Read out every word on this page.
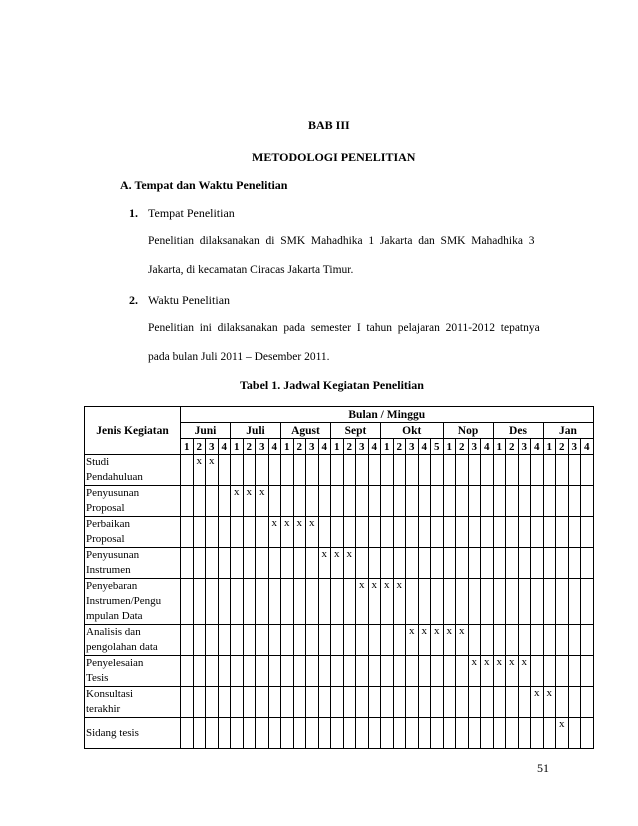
BAB III
METODOLOGI PENELITIAN
A. Tempat dan Waktu Penelitian
1. Tempat Penelitian
Penelitian  dilaksanakan  di  SMK  Mahadhika  1  Jakarta  dan  SMK  Mahadhika  3
Jakarta, di kecamatan Ciracas Jakarta Timur.
2. Waktu Penelitian
Penelitian  ini  dilaksanakan  pada  semester  I  tahun  pelajaran  2011-2012  tepatnya
pada bulan Juli 2011 – Desember 2011.
Tabel 1. Jadwal Kegiatan Penelitian
Jenis Kegiatan	Bulan / Minggu																																
	Juni				Juli				Agust				Sept				Okt					Nop				Des				Jan			
	1	2	3	4	1	2	3	4	1	2	3	4	1	2	3	4	1	2	3	4	5	1	2	3	4	1	2	3	4	1	2	3	4

Studi
Pendahuluan		x	x																														

Penyusunan
Proposal					x	x	x																										

Perbaikan
Proposal								x	x	x	x																						

Penyusunan
Instrumen												x	x	x																			

Penyebaran
Instrumen/Pengu
mpulan Data															x	x	x	x															

Analisis dan
pengolahan data																			x	x	x	x	x										

Penyelesaian
Tesis																								x	x	x	x	x					

Konsultasi
terakhir																													x	x			

Sidang tesis																															x		
51
